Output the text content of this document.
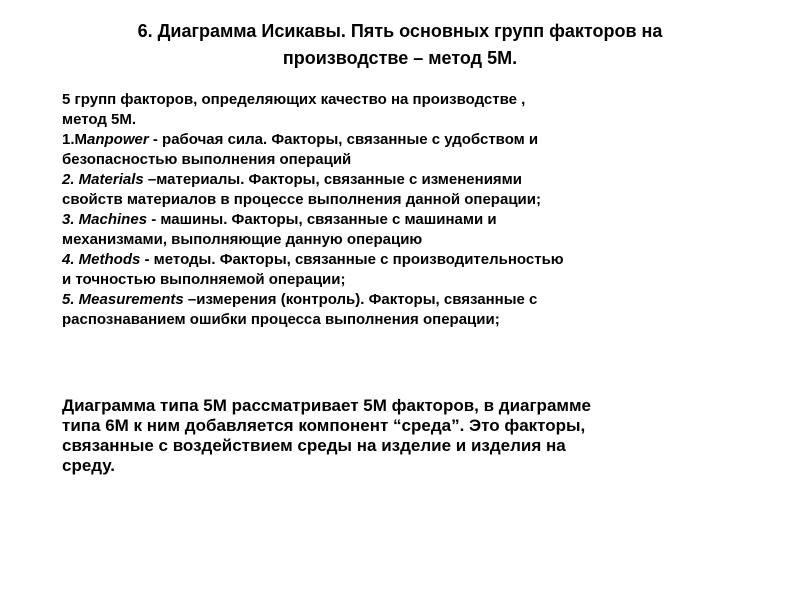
6. Диаграмма Исикавы. Пять основных групп факторов на
производстве – метод 5М.

5 групп факторов, определяющих качество на производстве ,

метод 5М.

1.Manpower - рабочая сила. Факторы, связанные с удобством и

безопасностью выполнения операций

2. Materials –материалы. Факторы, связанные с изменениями

свойств материалов в процессе выполнения данной операции;

3. Machines - машины. Факторы, связанные с машинами и

механизмами, выполняющие данную операцию

4. Methods - методы. Факторы, связанные с производительностью

и точностью выполняемой операции;

5. Measurements –измерения (контроль). Факторы, связанные с

распознаванием ошибки процесса выполнения операции;

Диаграмма типа 5М рассматривает 5М факторов, в диаграмме

типа 6М к ним добавляется компонент “среда”. Это факторы,

связанные с воздействием среды на изделие и изделия на

среду.
